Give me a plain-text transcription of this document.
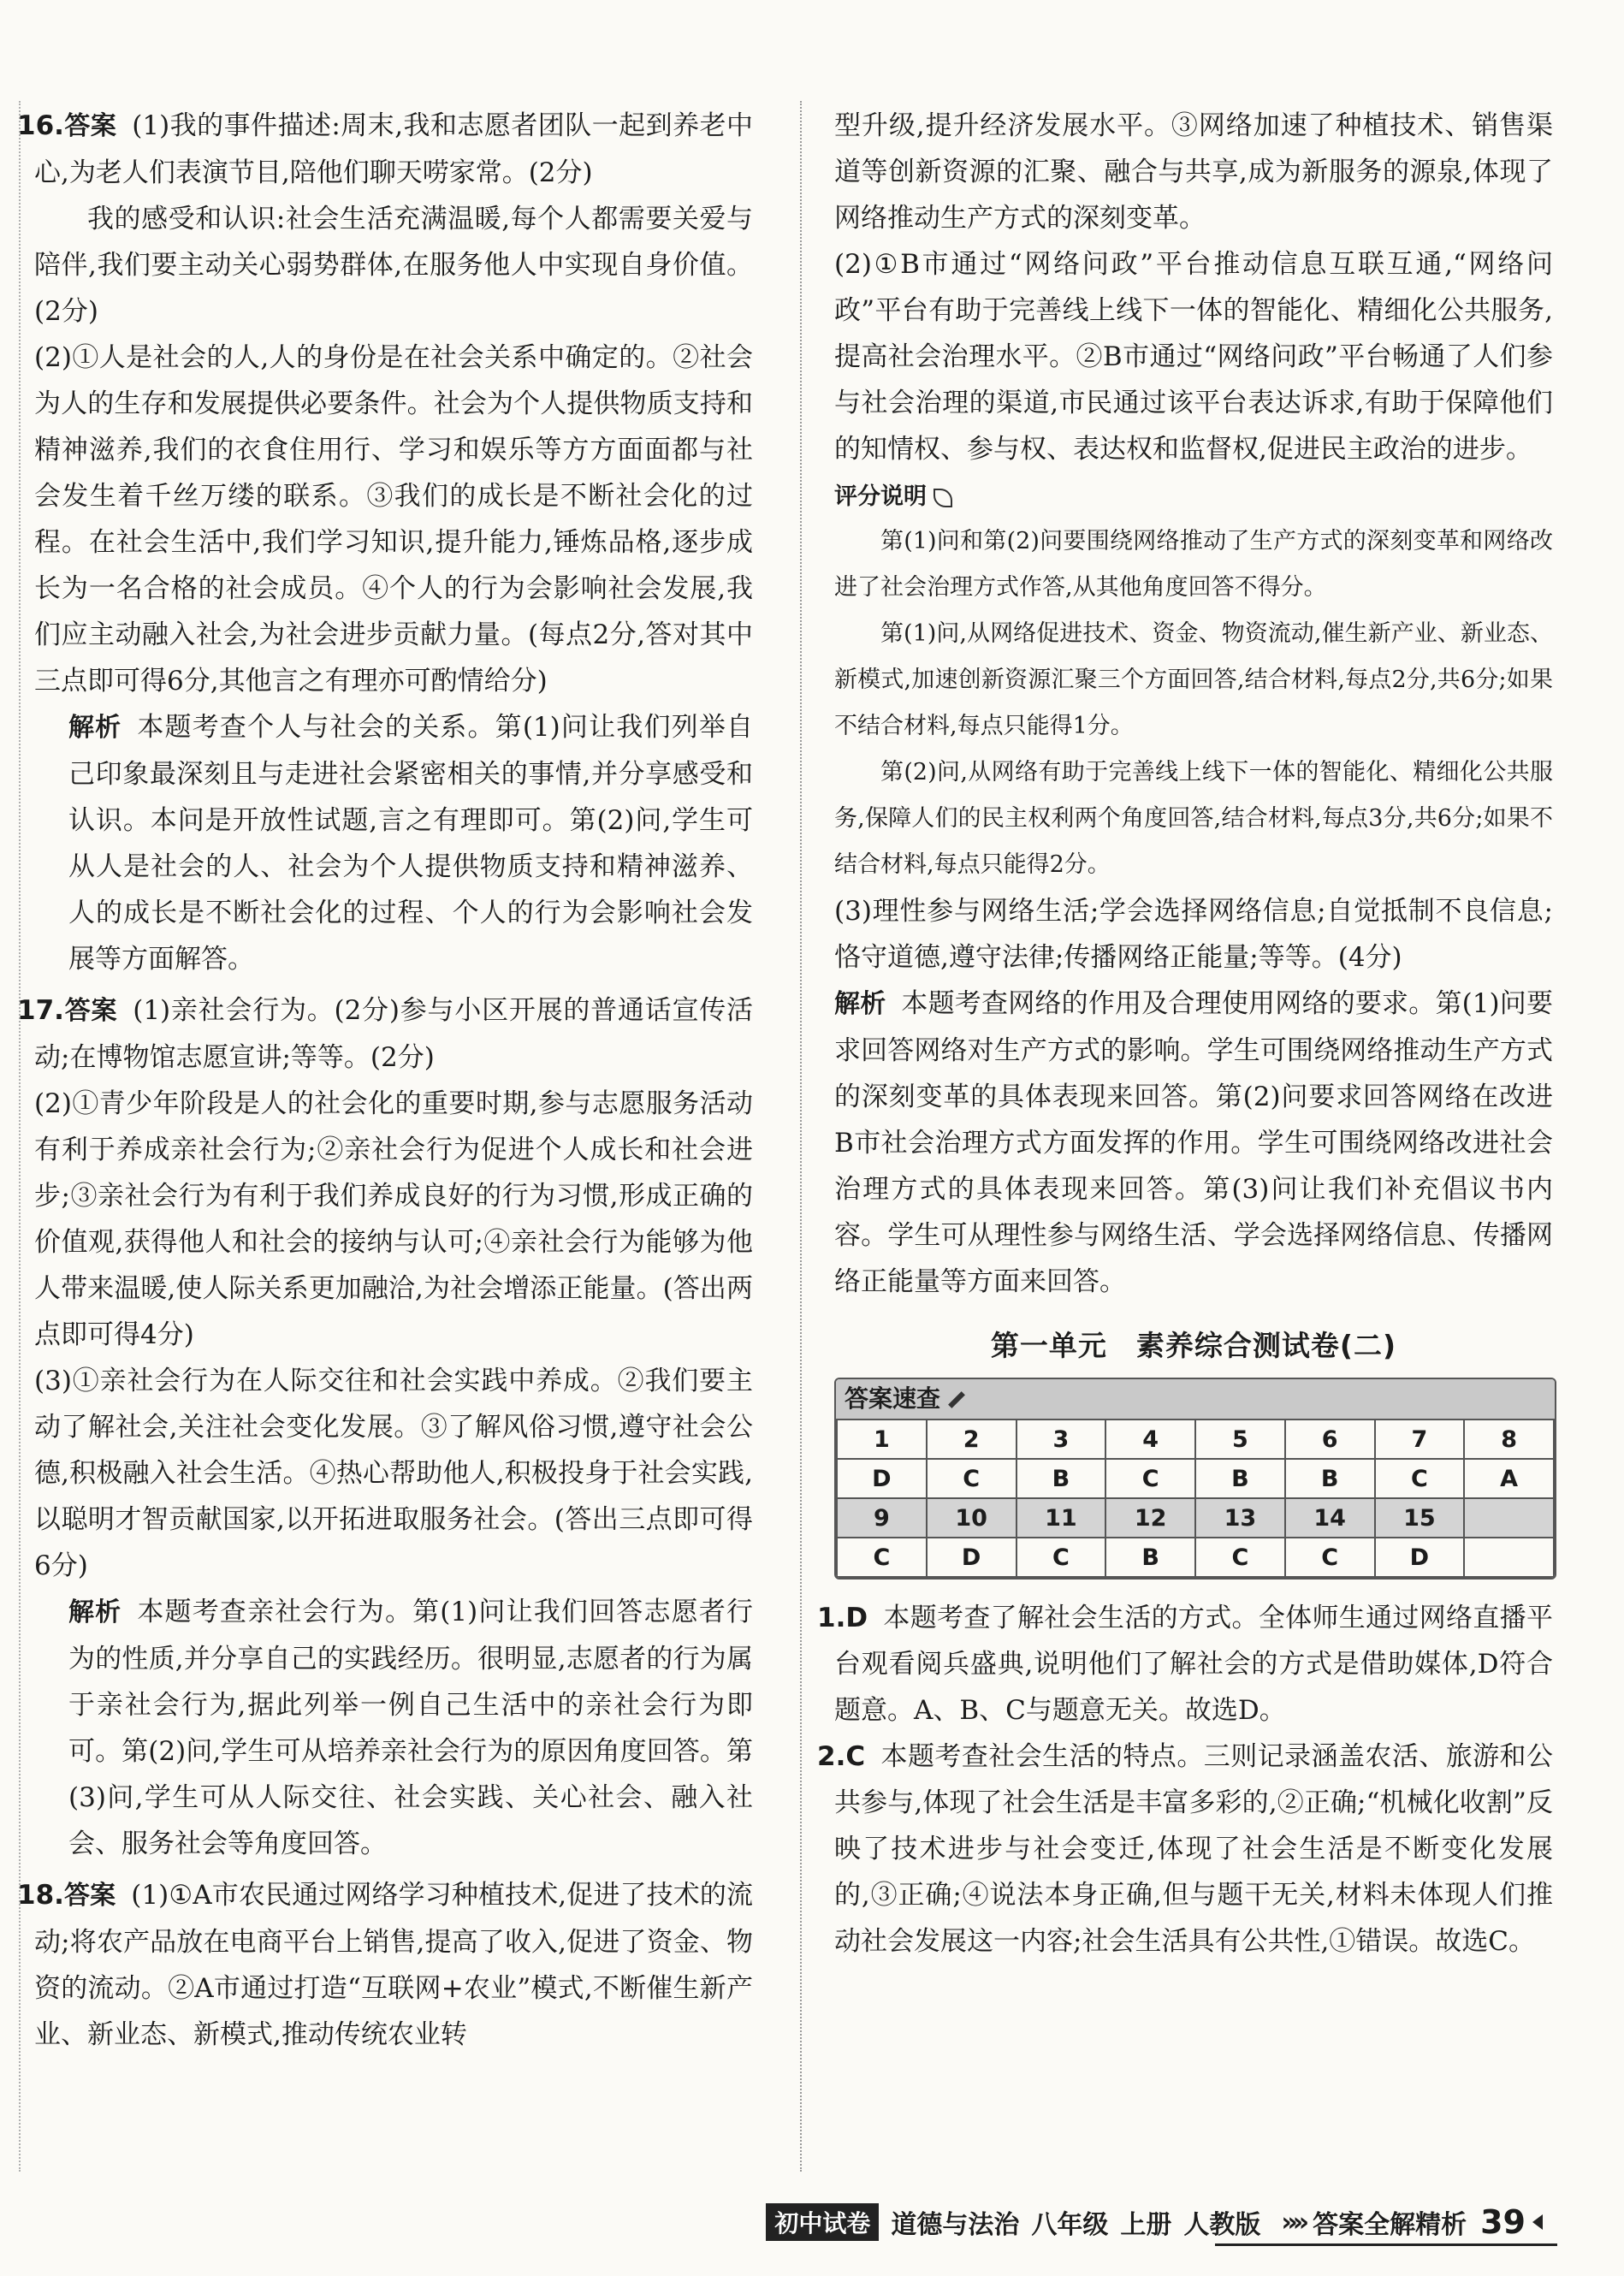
16.答案 (1)我的事件描述:周末,我和志愿者团队一起到养老中心,为老人们表演节目,陪他们聊天唠家常。(2分)

我的感受和认识:社会生活充满温暖,每个人都需要关爱与陪伴,我们要主动关心弱势群体,在服务他人中实现自身价值。(2分)

(2)①人是社会的人,人的身份是在社会关系中确定的。②社会为人的生存和发展提供必要条件。社会为个人提供物质支持和精神滋养,我们的衣食住用行、学习和娱乐等方方面面都与社会发生着千丝万缕的联系。③我们的成长是不断社会化的过程。在社会生活中,我们学习知识,提升能力,锤炼品格,逐步成长为一名合格的社会成员。④个人的行为会影响社会发展,我们应主动融入社会,为社会进步贡献力量。(每点2分,答对其中三点即可得6分,其他言之有理亦可酌情给分)

解析 本题考查个人与社会的关系。第(1)问让我们列举自己印象最深刻且与走进社会紧密相关的事情,并分享感受和认识。本问是开放性试题,言之有理即可。第(2)问,学生可从人是社会的人、社会为个人提供物质支持和精神滋养、人的成长是不断社会化的过程、个人的行为会影响社会发展等方面解答。

17.答案 (1)亲社会行为。(2分)参与小区开展的普通话宣传活动;在博物馆志愿宣讲;等等。(2分)

(2)①青少年阶段是人的社会化的重要时期,参与志愿服务活动有利于养成亲社会行为;②亲社会行为促进个人成长和社会进步;③亲社会行为有利于我们养成良好的行为习惯,形成正确的价值观,获得他人和社会的接纳与认可;④亲社会行为能够为他人带来温暖,使人际关系更加融洽,为社会增添正能量。(答出两点即可得4分)

(3)①亲社会行为在人际交往和社会实践中养成。②我们要主动了解社会,关注社会变化发展。③了解风俗习惯,遵守社会公德,积极融入社会生活。④热心帮助他人,积极投身于社会实践,以聪明才智贡献国家,以开拓进取服务社会。(答出三点即可得6分)

解析 本题考查亲社会行为。第(1)问让我们回答志愿者行为的性质,并分享自己的实践经历。很明显,志愿者的行为属于亲社会行为,据此列举一例自己生活中的亲社会行为即可。第(2)问,学生可从培养亲社会行为的原因角度回答。第(3)问,学生可从人际交往、社会实践、关心社会、融入社会、服务社会等角度回答。

18.答案 (1)①A市农民通过网络学习种植技术,促进了技术的流动;将农产品放在电商平台上销售,提高了收入,促进了资金、物资的流动。②A市通过打造“互联网+农业”模式,不断催生新产业、新业态、新模式,推动传统农业转

型升级,提升经济发展水平。③网络加速了种植技术、销售渠道等创新资源的汇聚、融合与共享,成为新服务的源泉,体现了网络推动生产方式的深刻变革。

(2)①B市通过“网络问政”平台推动信息互联互通,“网络问政”平台有助于完善线上线下一体的智能化、精细化公共服务,提高社会治理水平。②B市通过“网络问政”平台畅通了人们参与社会治理的渠道,市民通过该平台表达诉求,有助于保障他们的知情权、参与权、表达权和监督权,促进民主政治的进步。

评分说明

第(1)问和第(2)问要围绕网络推动了生产方式的深刻变革和网络改进了社会治理方式作答,从其他角度回答不得分。

第(1)问,从网络促进技术、资金、物资流动,催生新产业、新业态、新模式,加速创新资源汇聚三个方面回答,结合材料,每点2分,共6分;如果不结合材料,每点只能得1分。

第(2)问,从网络有助于完善线上线下一体的智能化、精细化公共服务,保障人们的民主权利两个角度回答,结合材料,每点3分,共6分;如果不结合材料,每点只能得2分。

(3)理性参与网络生活;学会选择网络信息;自觉抵制不良信息;恪守道德,遵守法律;传播网络正能量;等等。(4分)

解析 本题考查网络的作用及合理使用网络的要求。第(1)问要求回答网络对生产方式的影响。学生可围绕网络推动生产方式的深刻变革的具体表现来回答。第(2)问要求回答网络在改进B市社会治理方式方面发挥的作用。学生可围绕网络改进社会治理方式的具体表现来回答。第(3)问让我们补充倡议书内容。学生可从理性参与网络生活、学会选择网络信息、传播网络正能量等方面来回答。

第一单元　素养综合测试卷(二)
答案速查
1	2	3	4	5	6	7	8
D	C	B	C	B	B	C	A
9	10	11	12	13	14	15	
C	D	C	B	C	C	D	

1.D 本题考查了解社会生活的方式。全体师生通过网络直播平台观看阅兵盛典,说明他们了解社会的方式是借助媒体,D符合题意。A、B、C与题意无关。故选D。

2.C 本题考查社会生活的特点。三则记录涵盖农活、旅游和公共参与,体现了社会生活是丰富多彩的,②正确;“机械化收割”反映了技术进步与社会变迁,体现了社会生活是不断变化发展的,③正确;④说法本身正确,但与题干无关,材料未体现人们推动社会发展这一内容;社会生活具有公共性,①错误。故选C。

初中试卷 道德与法治 八年级 上册 人教版 »» 答案全解精析 39
